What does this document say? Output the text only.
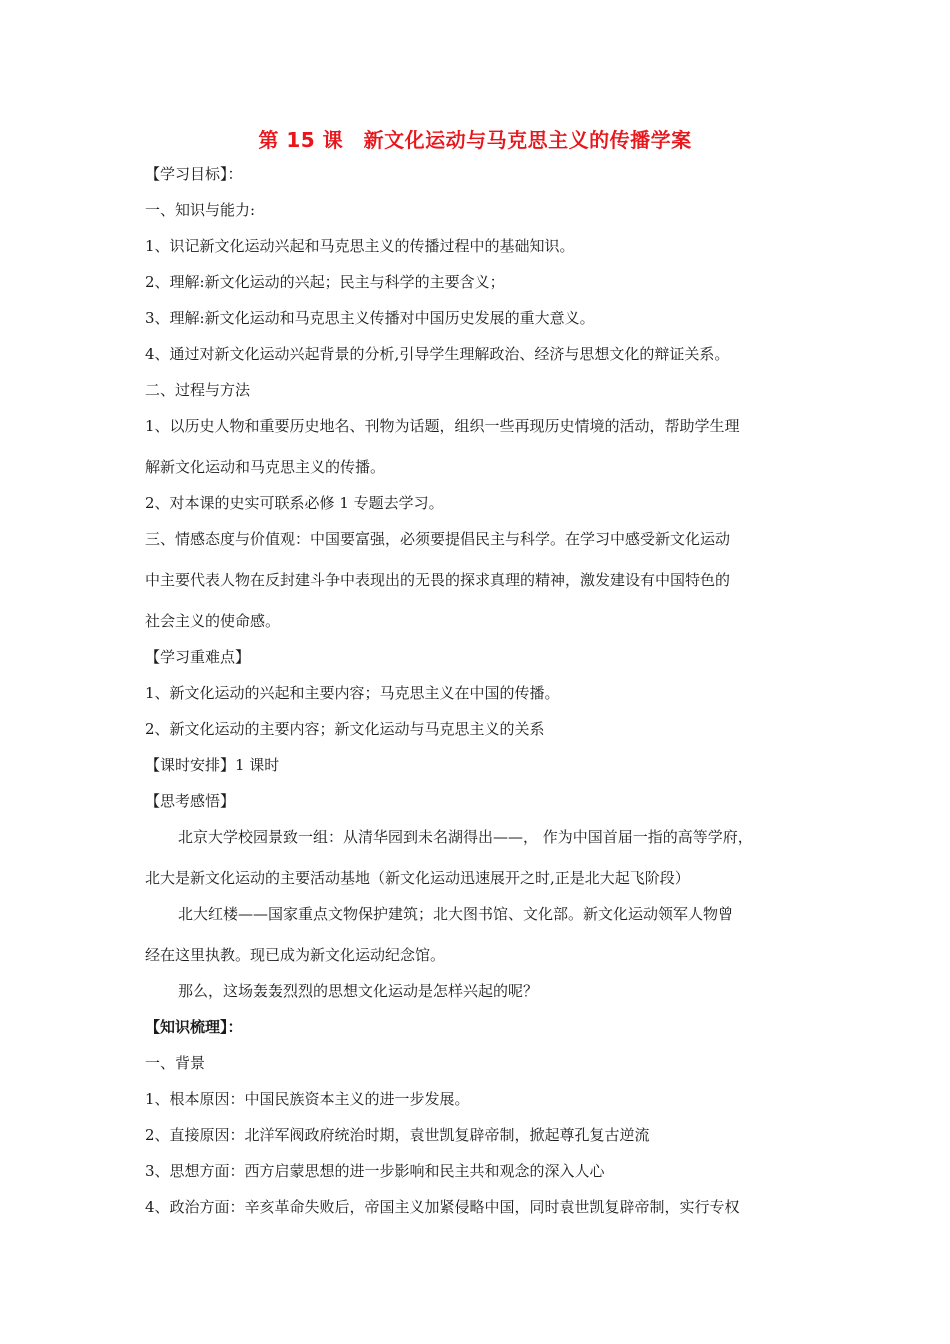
第 15 课　新文化运动与马克思主义的传播学案
【学习目标】：
一、知识与能力:
1、识记新文化运动兴起和马克思主义的传播过程中的基础知识。
2、理解:新文化运动的兴起；民主与科学的主要含义；
3、理解:新文化运动和马克思主义传播对中国历史发展的重大意义。
4、通过对新文化运动兴起背景的分析,引导学生理解政治、经济与思想文化的辩证关系。
二、过程与方法
1、以历史人物和重要历史地名、刊物为话题，组织一些再现历史情境的活动，帮助学生理
解新文化运动和马克思主义的传播。
2、对本课的史实可联系必修 1 专题去学习。
三、情感态度与价值观：中国要富强，必须要提倡民主与科学。在学习中感受新文化运动
中主要代表人物在反封建斗争中表现出的无畏的探求真理的精神，激发建设有中国特色的
社会主义的使命感。
【学习重难点】
1、新文化运动的兴起和主要内容；马克思主义在中国的传播。
2、新文化运动的主要内容；新文化运动与马克思主义的关系
【课时安排】1 课时
【思考感悟】
北京大学校园景致一组：从清华园到未名湖得出——， 作为中国首届一指的高等学府，
北大是新文化运动的主要活动基地（新文化运动迅速展开之时,正是北大起飞阶段）
北大红楼——国家重点文物保护建筑；北大图书馆、文化部。新文化运动领军人物曾
经在这里执教。现已成为新文化运动纪念馆。
那么，这场轰轰烈烈的思想文化运动是怎样兴起的呢？
【知识梳理】：
一、背景
1、根本原因：中国民族资本主义的进一步发展。
2、直接原因：北洋军阀政府统治时期，袁世凯复辟帝制，掀起尊孔复古逆流
3、思想方面：西方启蒙思想的进一步影响和民主共和观念的深入人心
4、政治方面：辛亥革命失败后，帝国主义加紧侵略中国，同时袁世凯复辟帝制，实行专权
